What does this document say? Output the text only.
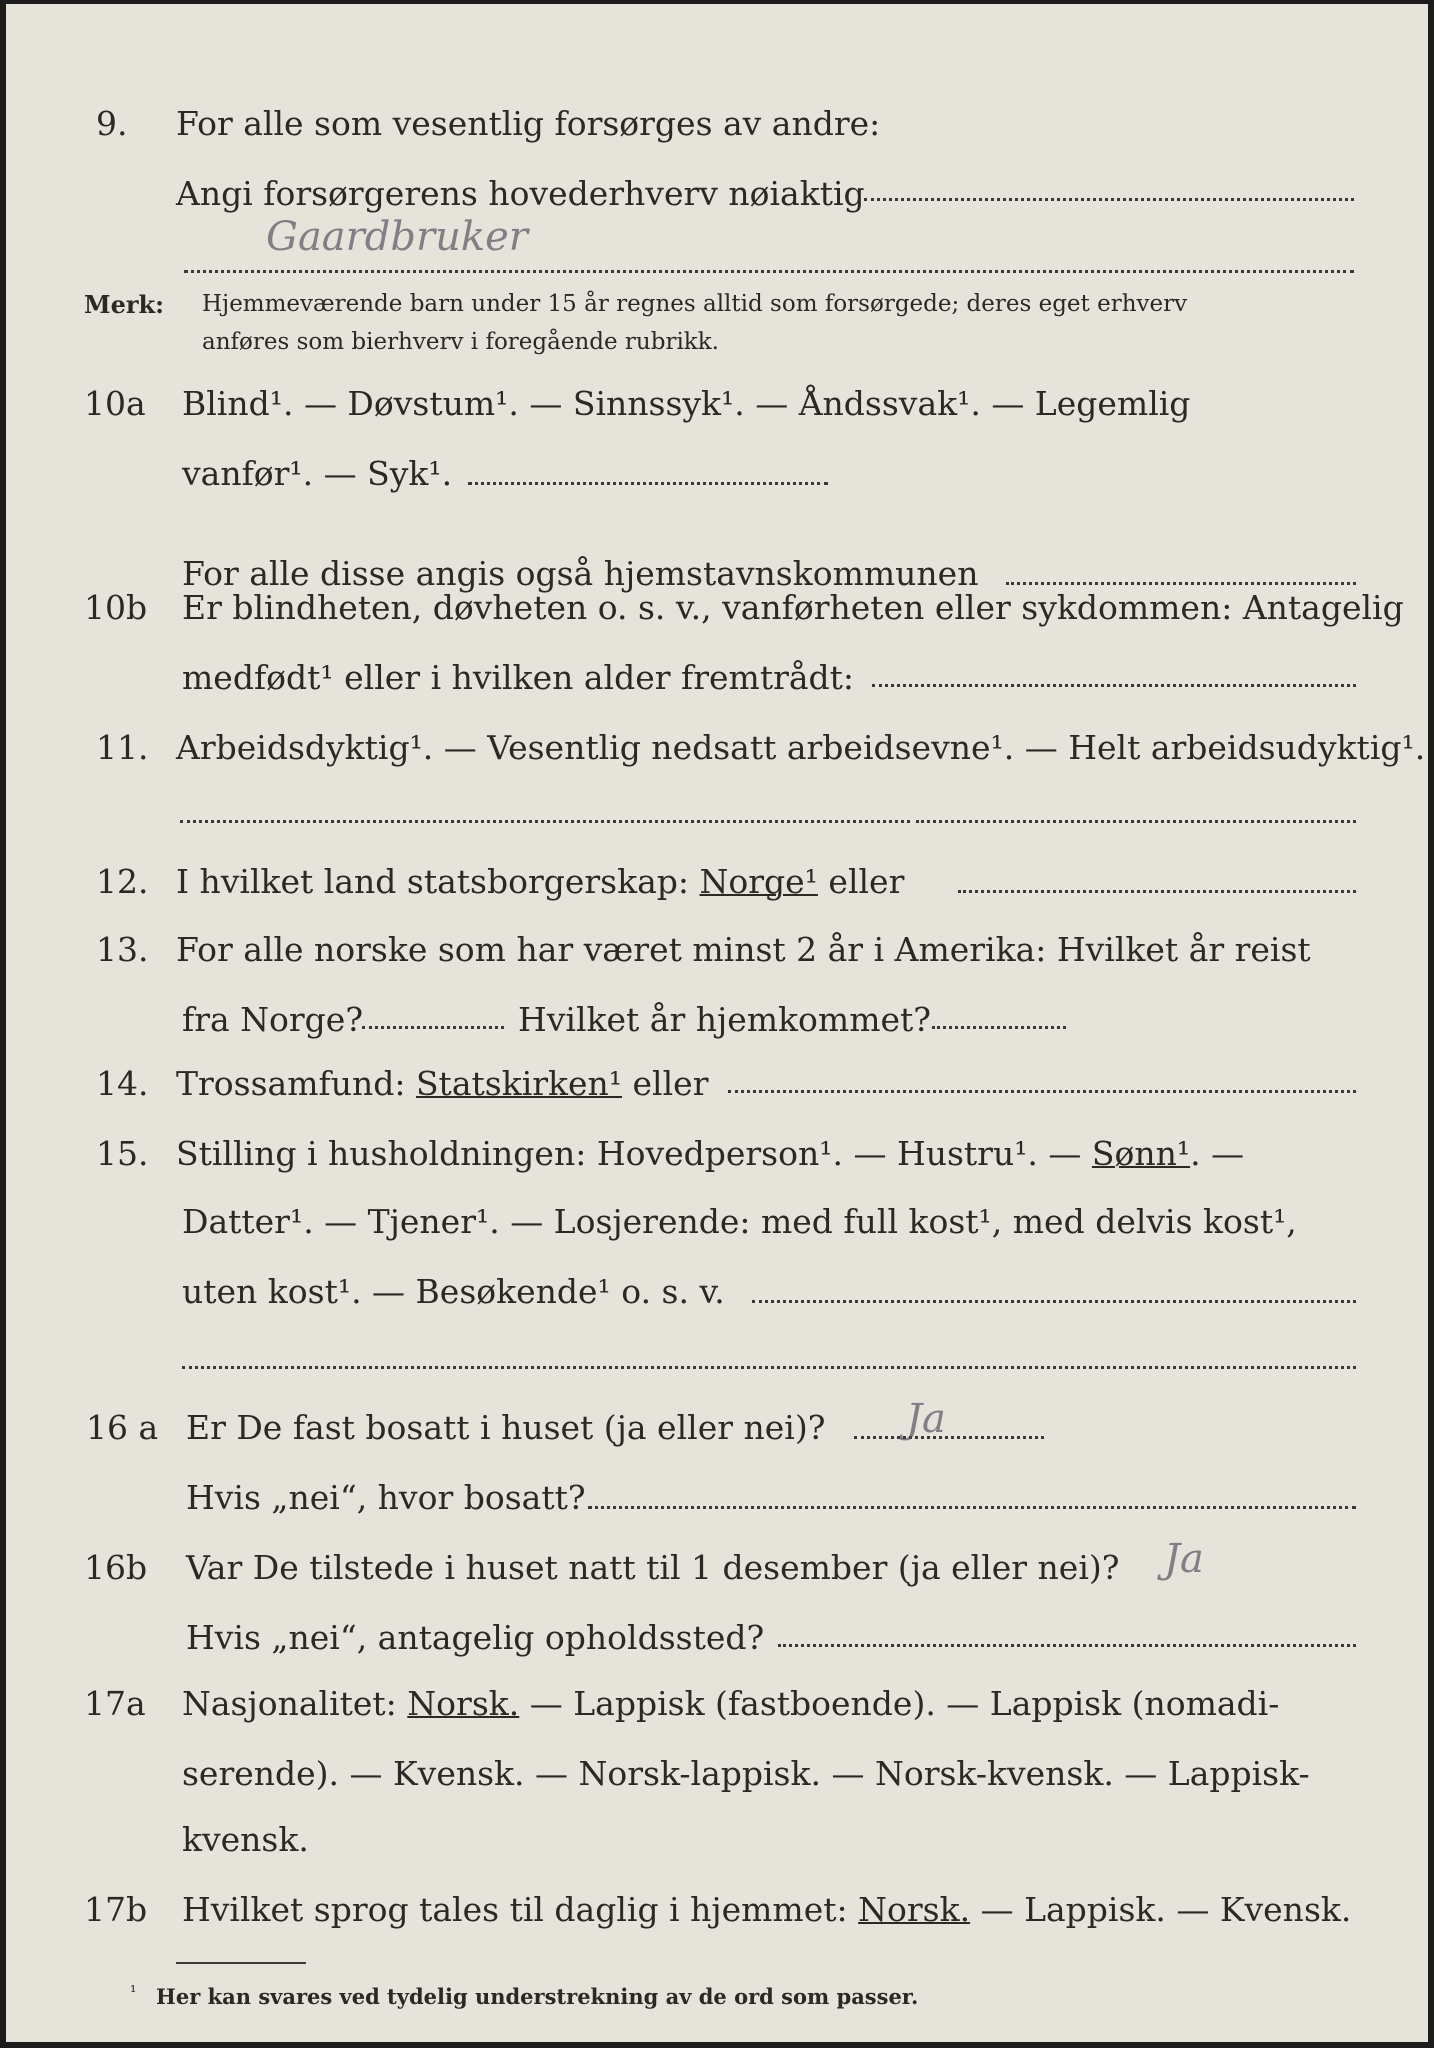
9. For alle som vesentlig forsørges av andre:
Angi forsørgerens hovederhverv nøiaktig
Gaardbruker
Merk: Hjemmeværende barn under 15 år regnes alltid som forsørgede; deres eget erhverv
anføres som bierhverv i foregående rubrikk.
10a Blind¹. — Døvstum¹. — Sinnssyk¹. — Åndssvak¹. — Legemlig
vanfør¹. — Syk¹.
For alle disse angis også hjemstavnskommunen
10b Er blindheten, døvheten o. s. v., vanførheten eller sykdommen: Antagelig
medfødt¹ eller i hvilken alder fremtrådt:
11. Arbeidsdyktig¹. — Vesentlig nedsatt arbeidsevne¹. — Helt arbeidsudyktig¹.
12. I hvilket land statsborgerskap: Norge¹ eller
13. For alle norske som har været minst 2 år i Amerika: Hvilket år reist
fra Norge?	Hvilket år hjemkommet?
14. Trossamfund: Statskirken¹ eller
15. Stilling i husholdningen: Hovedperson¹. — Hustru¹. — Sønn¹. —
Datter¹. — Tjener¹. — Losjerende: med full kost¹, med delvis kost¹,
uten kost¹. — Besøkende¹ o. s. v.
16 a Er De fast bosatt i huset (ja eller nei)? Ja
Hvis „nei“, hvor bosatt?
16b Var De tilstede i huset natt til 1 desember (ja eller nei)? Ja
Hvis „nei“, antagelig opholdssted?
17a Nasjonalitet: Norsk. — Lappisk (fastboende). — Lappisk (nomadi-
serende). — Kvensk. — Norsk-lappisk. — Norsk-kvensk. — Lappisk-
kvensk.
17b Hvilket sprog tales til daglig i hjemmet: Norsk. — Lappisk. — Kvensk.
¹ Her kan svares ved tydelig understrekning av de ord som passer.
